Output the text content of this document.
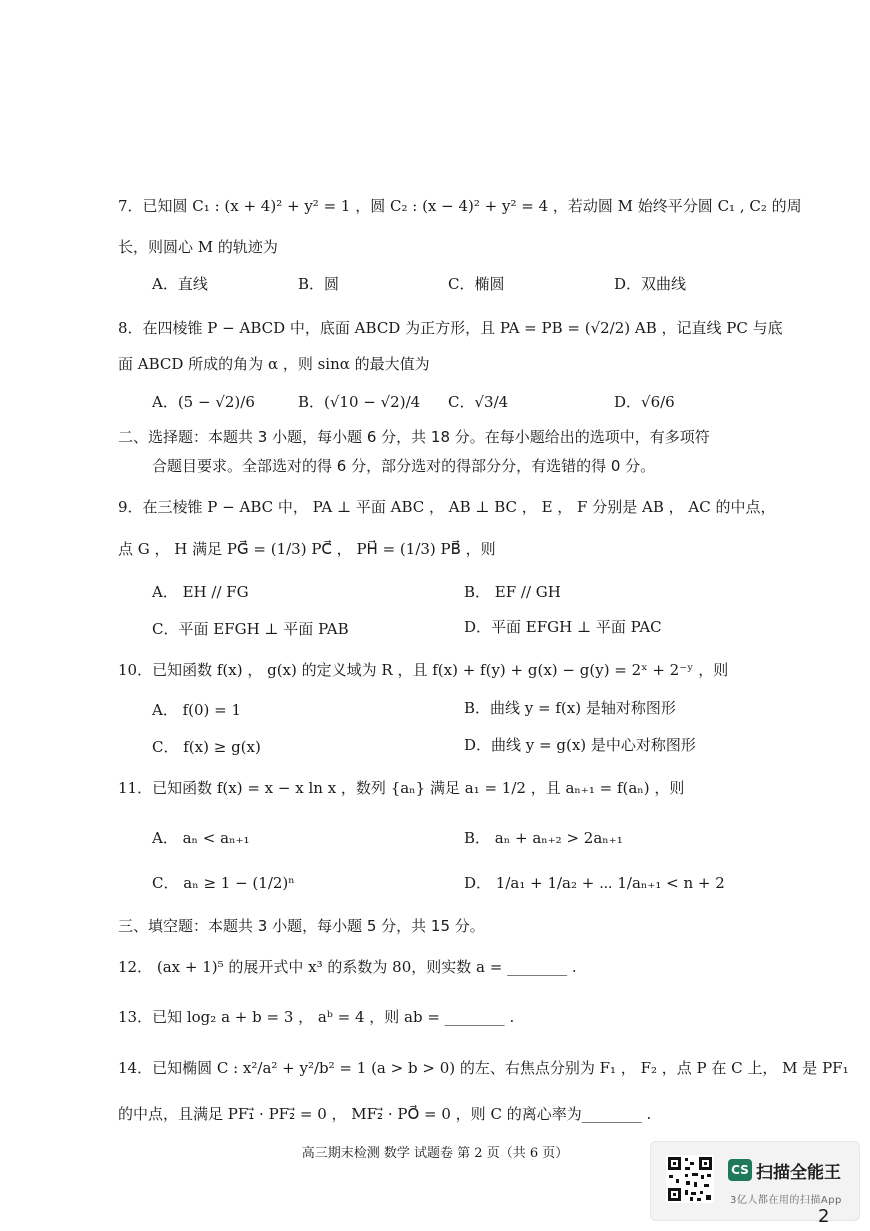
7．已知圆 C₁ : (x + 4)² + y² = 1 ，圆 C₂ : (x − 4)² + y² = 4 ，若动圆 M 始终平分圆 C₁ , C₂ 的周
长，则圆心 M 的轨迹为
A．直线	B．圆	C．椭圆	D．双曲线
8．在四棱锥 P − ABCD 中，底面 ABCD 为正方形，且 PA = PB = (√2/2) AB ，记直线 PC 与底
面 ABCD 所成的角为 α ，则 sinα 的最大值为
A．(5 − √2)/6	B．(√10 − √2)/4 C．√3/4	D．√6/6
二、选择题：本题共 3 小题，每小题 6 分，共 18 分。在每小题给出的选项中，有多项符
合题目要求。全部选对的得 6 分，部分选对的得部分分，有选错的得 0 分。
9．在三棱锥 P − ABC 中， PA ⊥ 平面 ABC ， AB ⊥ BC ， E ， F 分别是 AB ， AC 的中点，
点 G ， H 满足 PG⃗ = (1/3) PC⃗ ， PH⃗ = (1/3) PB⃗ ，则
A． EH // FG	B． EF // GH
C．平面 EFGH ⊥ 平面 PAB	D．平面 EFGH ⊥ 平面 PAC
10．已知函数 f(x) ， g(x) 的定义域为 R ，且 f(x) + f(y) + g(x) − g(y) = 2ˣ + 2⁻ʸ ，则
A． f(0) = 1	B．曲线 y = f(x) 是轴对称图形
C． f(x) ≥ g(x)	D．曲线 y = g(x) 是中心对称图形
11．已知函数 f(x) = x − x ln x ，数列 {aₙ} 满足 a₁ = 1/2 ，且 aₙ₊₁ = f(aₙ) ，则
A． aₙ < aₙ₊₁	B． aₙ + aₙ₊₂ > 2aₙ₊₁
C． aₙ ≥ 1 − (1/2)ⁿ	D． 1/a₁ + 1/a₂ + ⋯ 1/aₙ₊₁ < n + 2
三、填空题：本题共 3 小题，每小题 5 分，共 15 分。
12． (ax + 1)⁵ 的展开式中 x³ 的系数为 80，则实数 a = ________ .
13．已知 log₂ a + b = 3 ， aᵇ = 4 ，则 ab = ________ .
14．已知椭圆 C : x²/a² + y²/b² = 1 (a > b > 0) 的左、右焦点分别为 F₁ ， F₂ ，点 P 在 C 上， M 是 PF₁
的中点，且满足 PF₁⃗ · PF₂⃗ = 0 ， MF₂⃗ · PO⃗ = 0 ，则 C 的离心率为________ .
高三期末检测 数学 试题卷 第 2 页（共 6 页）
CS 扫描全能王
3亿人都在用的扫描App
2
